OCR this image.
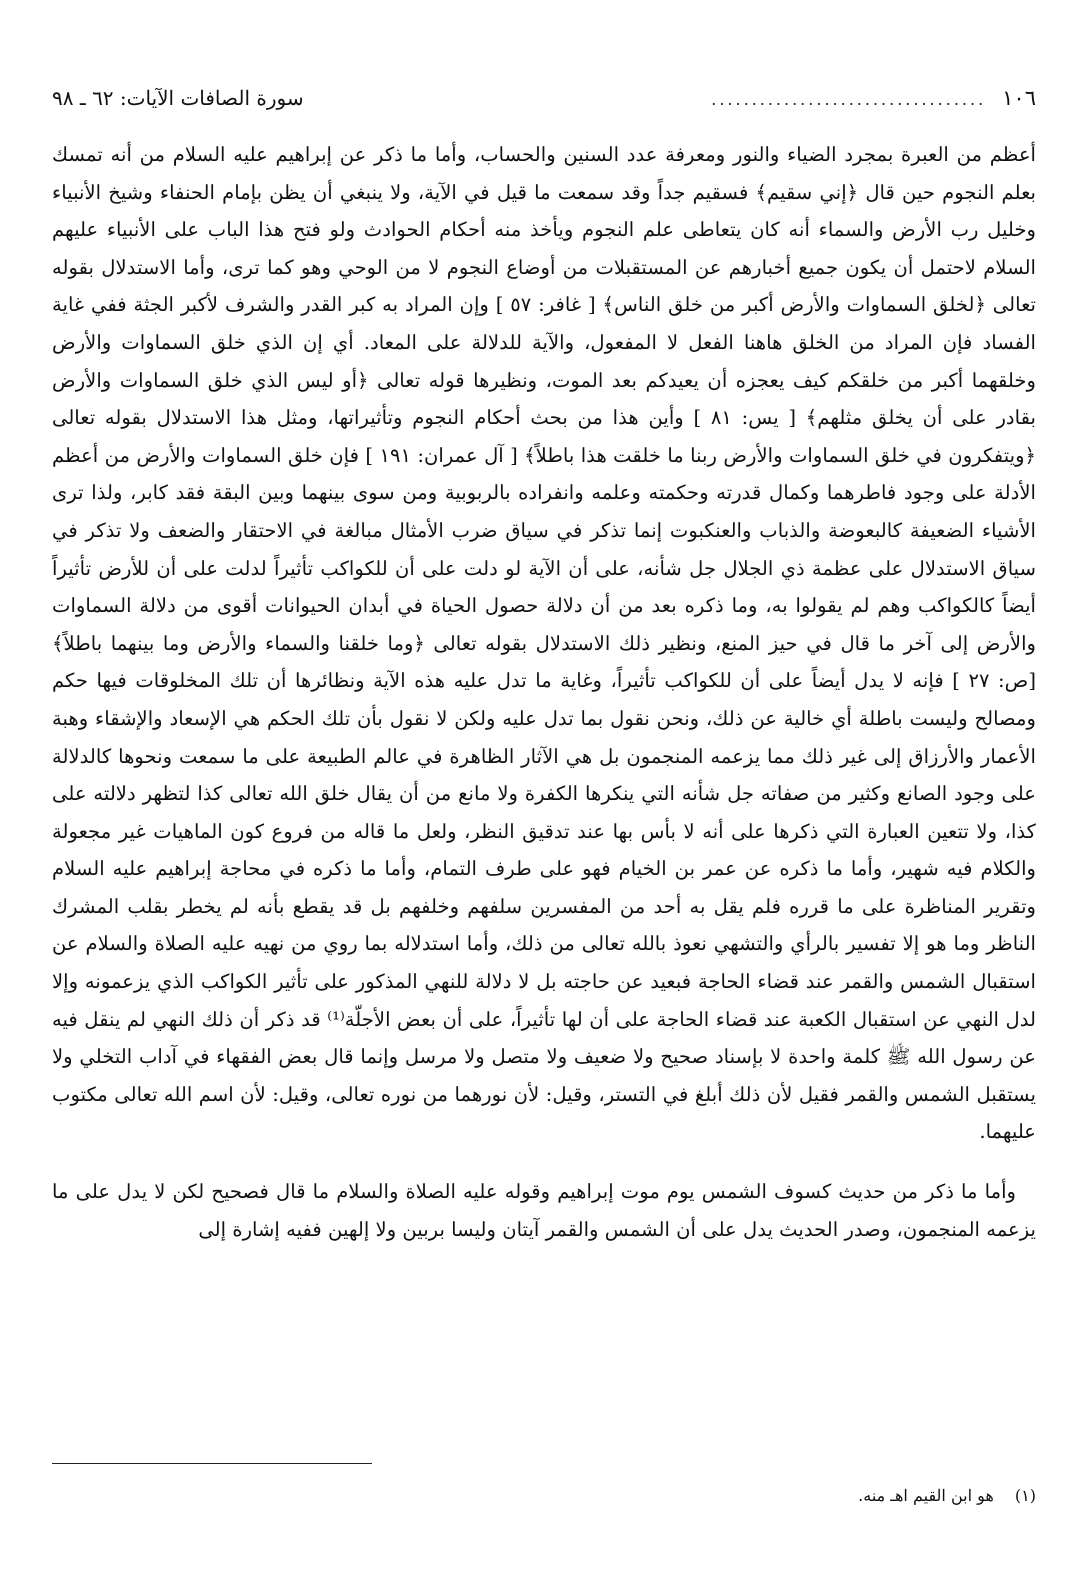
١٠٦
..................................
سورة الصافات الآيات: ٦٢ ـ ٩٨

أعظم من العبرة بمجرد الضياء والنور ومعرفة عدد السنين والحساب، وأما ما ذكر عن إبراهيم عليه السلام من أنه تمسك بعلم النجوم حين قال ﴿إني سقيم﴾ فسقيم جداً وقد سمعت ما قيل في الآية، ولا ينبغي أن يظن بإمام الحنفاء وشيخ الأنبياء وخليل رب الأرض والسماء أنه كان يتعاطى علم النجوم ويأخذ منه أحكام الحوادث ولو فتح هذا الباب على الأنبياء عليهم السلام لاحتمل أن يكون جميع أخبارهم عن المستقبلات من أوضاع النجوم لا من الوحي وهو كما ترى، وأما الاستدلال بقوله تعالى ﴿لخلق السماوات والأرض أكبر من خلق الناس﴾ [ غافر: ٥٧ ] وإن المراد به كبر القدر والشرف لأكبر الجثة ففي غاية الفساد فإن المراد من الخلق هاهنا الفعل لا المفعول، والآية للدلالة على المعاد. أي إن الذي خلق السماوات والأرض وخلقهما أكبر من خلقكم كيف يعجزه أن يعيدكم بعد الموت، ونظيرها قوله تعالى ﴿أو ليس الذي خلق السماوات والأرض بقادر على أن يخلق مثلهم﴾ [ يس: ٨١ ] وأين هذا من بحث أحكام النجوم وتأثيراتها، ومثل هذا الاستدلال بقوله تعالى ﴿ويتفكرون في خلق السماوات والأرض ربنا ما خلقت هذا باطلاً﴾ [ آل عمران: ١٩١ ] فإن خلق السماوات والأرض من أعظم الأدلة على وجود فاطرهما وكمال قدرته وحكمته وعلمه وانفراده بالربوبية ومن سوى بينهما وبين البقة فقد كابر، ولذا ترى الأشياء الضعيفة كالبعوضة والذباب والعنكبوت إنما تذكر في سياق ضرب الأمثال مبالغة في الاحتقار والضعف ولا تذكر في سياق الاستدلال على عظمة ذي الجلال جل شأنه، على أن الآية لو دلت على أن للكواكب تأثيراً لدلت على أن للأرض تأثيراً أيضاً كالكواكب وهم لم يقولوا به، وما ذكره بعد من أن دلالة حصول الحياة في أبدان الحيوانات أقوى من دلالة السماوات والأرض إلى آخر ما قال في حيز المنع، ونظير ذلك الاستدلال بقوله تعالى ﴿وما خلقنا والسماء والأرض وما بينهما باطلاً﴾ [ص: ٢٧ ] فإنه لا يدل أيضاً على أن للكواكب تأثيراً، وغاية ما تدل عليه هذه الآية ونظائرها أن تلك المخلوقات فيها حكم ومصالح وليست باطلة أي خالية عن ذلك، ونحن نقول بما تدل عليه ولكن لا نقول بأن تلك الحكم هي الإسعاد والإشقاء وهبة الأعمار والأرزاق إلى غير ذلك مما يزعمه المنجمون بل هي الآثار الظاهرة في عالم الطبيعة على ما سمعت ونحوها كالدلالة على وجود الصانع وكثير من صفاته جل شأنه التي ينكرها الكفرة ولا مانع من أن يقال خلق الله تعالى كذا لتظهر دلالته على كذا، ولا تتعين العبارة التي ذكرها على أنه لا بأس بها عند تدقيق النظر، ولعل ما قاله من فروع كون الماهيات غير مجعولة والكلام فيه شهير، وأما ما ذكره عن عمر بن الخيام فهو على طرف التمام، وأما ما ذكره في محاجة إبراهيم عليه السلام وتقرير المناظرة على ما قرره فلم يقل به أحد من المفسرين سلفهم وخلفهم بل قد يقطع بأنه لم يخطر بقلب المشرك الناظر وما هو إلا تفسير بالرأي والتشهي نعوذ بالله تعالى من ذلك، وأما استدلاله بما روي من نهيه عليه الصلاة والسلام عن استقبال الشمس والقمر عند قضاء الحاجة فبعيد عن حاجته بل لا دلالة للنهي المذكور على تأثير الكواكب الذي يزعمونه وإلا لدل النهي عن استقبال الكعبة عند قضاء الحاجة على أن لها تأثيراً، على أن بعض الأجلّة⁽¹⁾ قد ذكر أن ذلك النهي لم ينقل فيه عن رسول الله ﷺ كلمة واحدة لا بإسناد صحيح ولا ضعيف ولا متصل ولا مرسل وإنما قال بعض الفقهاء في آداب التخلي ولا يستقبل الشمس والقمر فقيل لأن ذلك أبلغ في التستر، وقيل: لأن نورهما من نوره تعالى، وقيل: لأن اسم الله تعالى مكتوب عليهما.

وأما ما ذكر من حديث كسوف الشمس يوم موت إبراهيم وقوله عليه الصلاة والسلام ما قال فصحيح لكن لا يدل على ما يزعمه المنجمون، وصدر الحديث يدل على أن الشمس والقمر آيتان وليسا بربين ولا إلهين ففيه إشارة إلى

(١) هو ابن القيم اهـ منه.
